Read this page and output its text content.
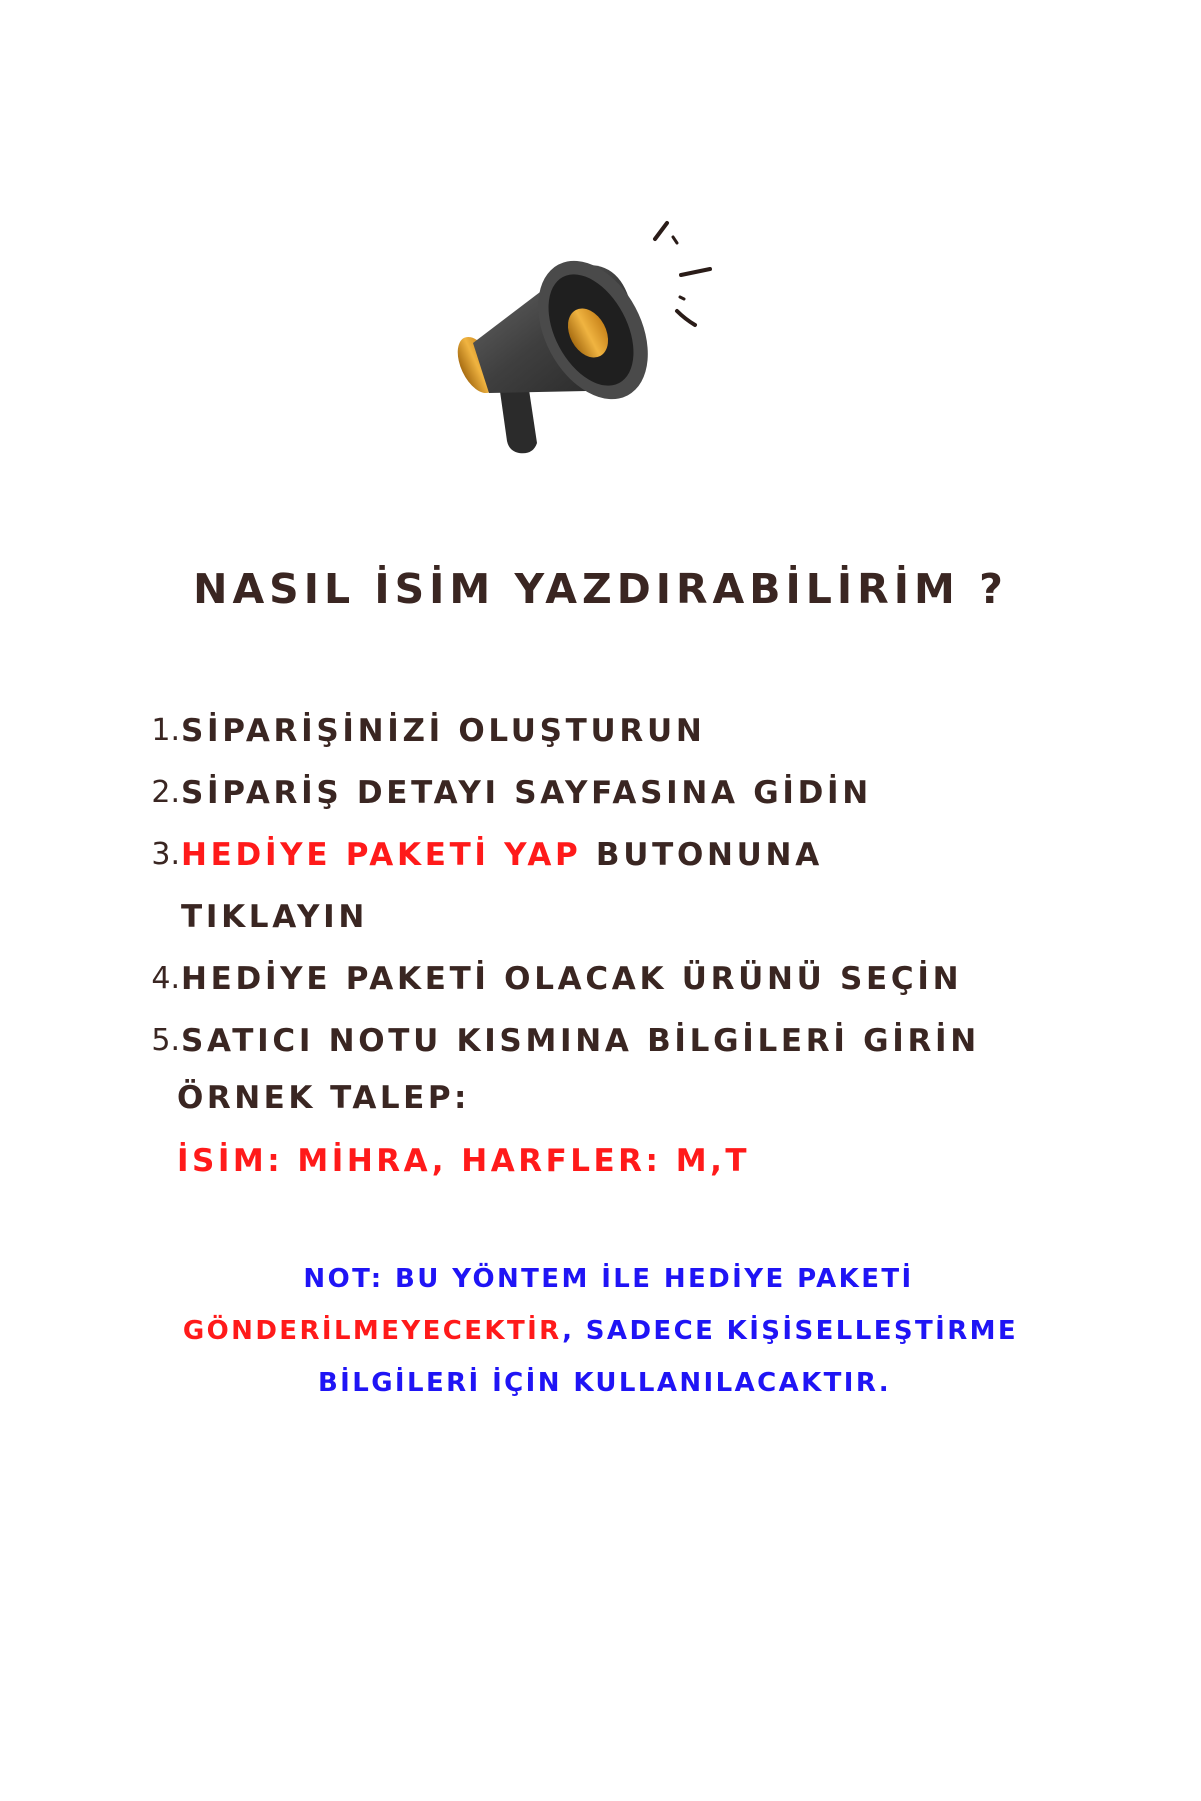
NASIL İSİM YAZDIRABİLİRİM ?
1. SİPARİŞİNİZİ OLUŞTURUN
2. SİPARİŞ DETAYI SAYFASINA GİDİN
3. HEDİYE PAKETİ YAP BUTONUNA
TIKLAYIN
4. HEDİYE PAKETİ OLACAK ÜRÜNÜ SEÇİN
5. SATICI NOTU KISMINA BİLGİLERİ GİRİN
ÖRNEK TALEP:
İSİM: MİHRA, HARFLER: M,T
NOT: BU YÖNTEM İLE HEDİYE PAKETİ
GÖNDERİLMEYECEKTİR, SADECE KİŞİSELLEŞTİRME
BİLGİLERİ İÇİN KULLANILACAKTIR.
